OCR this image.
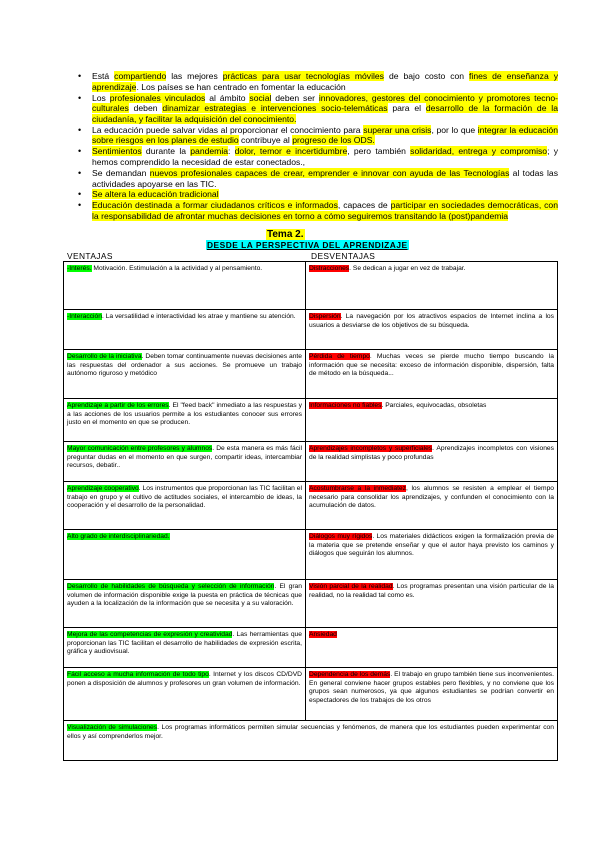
• Está compartiendo las mejores prácticas para usar tecnologías móviles de bajo costo con fines de enseñanza y aprendizaje. Los países se han centrado en fomentar la educación
• Los profesionales vinculados al ámbito social deben ser innovadores, gestores del conocimiento y promotores tecno-culturales deben dinamizar estrategias e intervenciones socio-telemáticas para el desarrollo de la formación de la ciudadanía, y facilitar la adquisición del conocimiento.
• La educación puede salvar vidas al proporcionar el conocimiento para superar una crisis, por lo que integrar la educación sobre riesgos en los planes de estudio contribuye al progreso de los ODS.
• Sentimientos durante la pandemia: dolor, temor e incertidumbre, pero también solidaridad, entrega y compromiso; y hemos comprendido la necesidad de estar conectados.,
• Se demandan nuevos profesionales capaces de crear, emprender e innovar con ayuda de las Tecnologías al todas las actividades apoyarse en las TIC.
• Se altera la educación tradicional
• Educación destinada a formar ciudadanos críticos e informados, capaces de participar en sociedades democráticas, con la responsabilidad de afrontar muchas decisiones en torno a cómo seguiremos transitando la (post)pandemia
Tema 2.
DESDE LA PERSPECTIVA DEL APRENDIZAJE
VENTAJAS	DESVENTAJAS
-Interés. Motivación. Estimulación a la actividad y al pensamiento.	Distracciones. Se dedican a jugar en vez de trabajar.
-Interacción. La versatilidad e interactividad les atrae y mantiene su atención.	Dispersión. La navegación por los atractivos espacios de Internet inclina a los usuarios a desviarse de los objetivos de su búsqueda.
Desarrollo de la iniciativa. Deben tomar continuamente nuevas decisiones ante las respuestas del ordenador a sus acciones. Se promueve un trabajo autónomo riguroso y metódico	Pérdida de tiempo. Muchas veces se pierde mucho tiempo buscando la información que se necesita: exceso de información disponible, dispersión, falta de método en la búsqueda...
Aprendizaje a partir de los errores. El "feed back" inmediato a las respuestas y a las acciones de los usuarios permite a los estudiantes conocer sus errores justo en el momento en que se producen.	Informaciones no fiables. Parciales, equivocadas, obsoletas
Mayor comunicación entre profesores y alumnos. De esta manera es más fácil preguntar dudas en el momento en que surgen, compartir ideas, intercambiar recursos, debatir..	Aprendizajes incompletos y superficiales. Aprendizajes incompletos con visiones de la realidad simplistas y poco profundas
Aprendizaje cooperativo. Los instrumentos que proporcionan las TIC facilitan el trabajo en grupo y el cultivo de actitudes sociales, el intercambio de ideas, la cooperación y el desarrollo de la personalidad.	Acostumbrarse a la inmediatez, los alumnos se resisten a emplear el tiempo necesario para consolidar los aprendizajes, y confunden el conocimiento con la acumulación de datos.
Alto grado de interdisciplinariedad.	Diálogos muy rígidos. Los materiales didácticos exigen la formalización previa de la materia que se pretende enseñar y que el autor haya previsto los caminos y diálogos que seguirán los alumnos.
Desarrollo de habilidades de búsqueda y selección de información. El gran volumen de información disponible exige la puesta en práctica de técnicas que ayuden a la localización de la información que se necesita y a su valoración.	Visión parcial de la realidad. Los programas presentan una visión particular de la realidad, no la realidad tal como es.
Mejora de las competencias de expresión y creatividad. Las herramientas que proporcionan las TIC facilitan el desarrollo de habilidades de expresión escrita, gráfica y audiovisual.	Ansiedad
Fácil acceso a mucha información de todo tipo. Internet y los discos CD/DVD ponen a disposición de alumnos y profesores un gran volumen de información.	Dependencia de los demás. El trabajo en grupo también tiene sus inconvenientes. En general conviene hacer grupos estables pero flexibles, y no conviene que los grupos sean numerosos, ya que algunos estudiantes se podrían convertir en espectadores de los trabajos de los otros
Visualización de simulaciones. Los programas informáticos permiten simular secuencias y fenómenos, de manera que los estudiantes pueden experimentar con ellos y así comprenderlos mejor.	
